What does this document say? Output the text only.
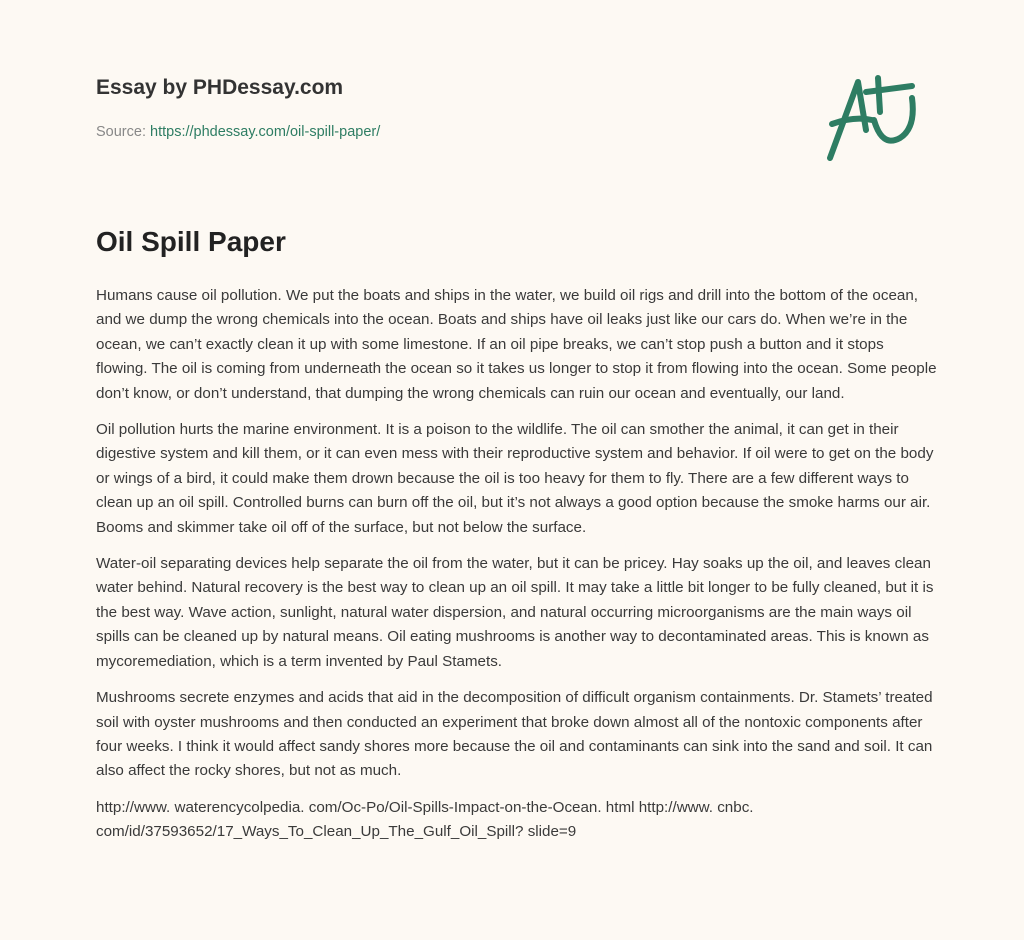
Essay by PHDessay.com
Source: https://phdessay.com/oil-spill-paper/
Oil Spill Paper

Humans cause oil pollution. We put the boats and ships in the water, we build oil rigs and drill into the bottom of the ocean, and we dump the wrong chemicals into the ocean. Boats and ships have oil leaks just like our cars do. When we’re in the ocean, we can’t exactly clean it up with some limestone. If an oil pipe breaks, we can’t stop push a button and it stops flowing. The oil is coming from underneath the ocean so it takes us longer to stop it from flowing into the ocean. Some people don’t know, or don’t understand, that dumping the wrong chemicals can ruin our ocean and eventually, our land.

Oil pollution hurts the marine environment. It is a poison to the wildlife. The oil can smother the animal, it can get in their digestive system and kill them, or it can even mess with their reproductive system and behavior. If oil were to get on the body or wings of a bird, it could make them drown because the oil is too heavy for them to fly. There are a few different ways to clean up an oil spill. Controlled burns can burn off the oil, but it’s not always a good option because the smoke harms our air. Booms and skimmer take oil off of the surface, but not below the surface.

Water-oil separating devices help separate the oil from the water, but it can be pricey. Hay soaks up the oil, and leaves clean water behind. Natural recovery is the best way to clean up an oil spill. It may take a little bit longer to be fully cleaned, but it is the best way. Wave action, sunlight, natural water dispersion, and natural occurring microorganisms are the main ways oil spills can be cleaned up by natural means. Oil eating mushrooms is another way to decontaminated areas. This is known as mycoremediation, which is a term invented by Paul Stamets.

Mushrooms secrete enzymes and acids that aid in the decomposition of difficult organism containments. Dr. Stamets’ treated soil with oyster mushrooms and then conducted an experiment that broke down almost all of the nontoxic components after four weeks. I think it would affect sandy shores more because the oil and contaminants can sink into the sand and soil. It can also affect the rocky shores, but not as much.

http://www. waterencycolpedia. com/Oc-Po/Oil-Spills-Impact-on-the-Ocean. html http://www. cnbc. com/id/37593652/17_Ways_To_Clean_Up_The_Gulf_Oil_Spill? slide=9
